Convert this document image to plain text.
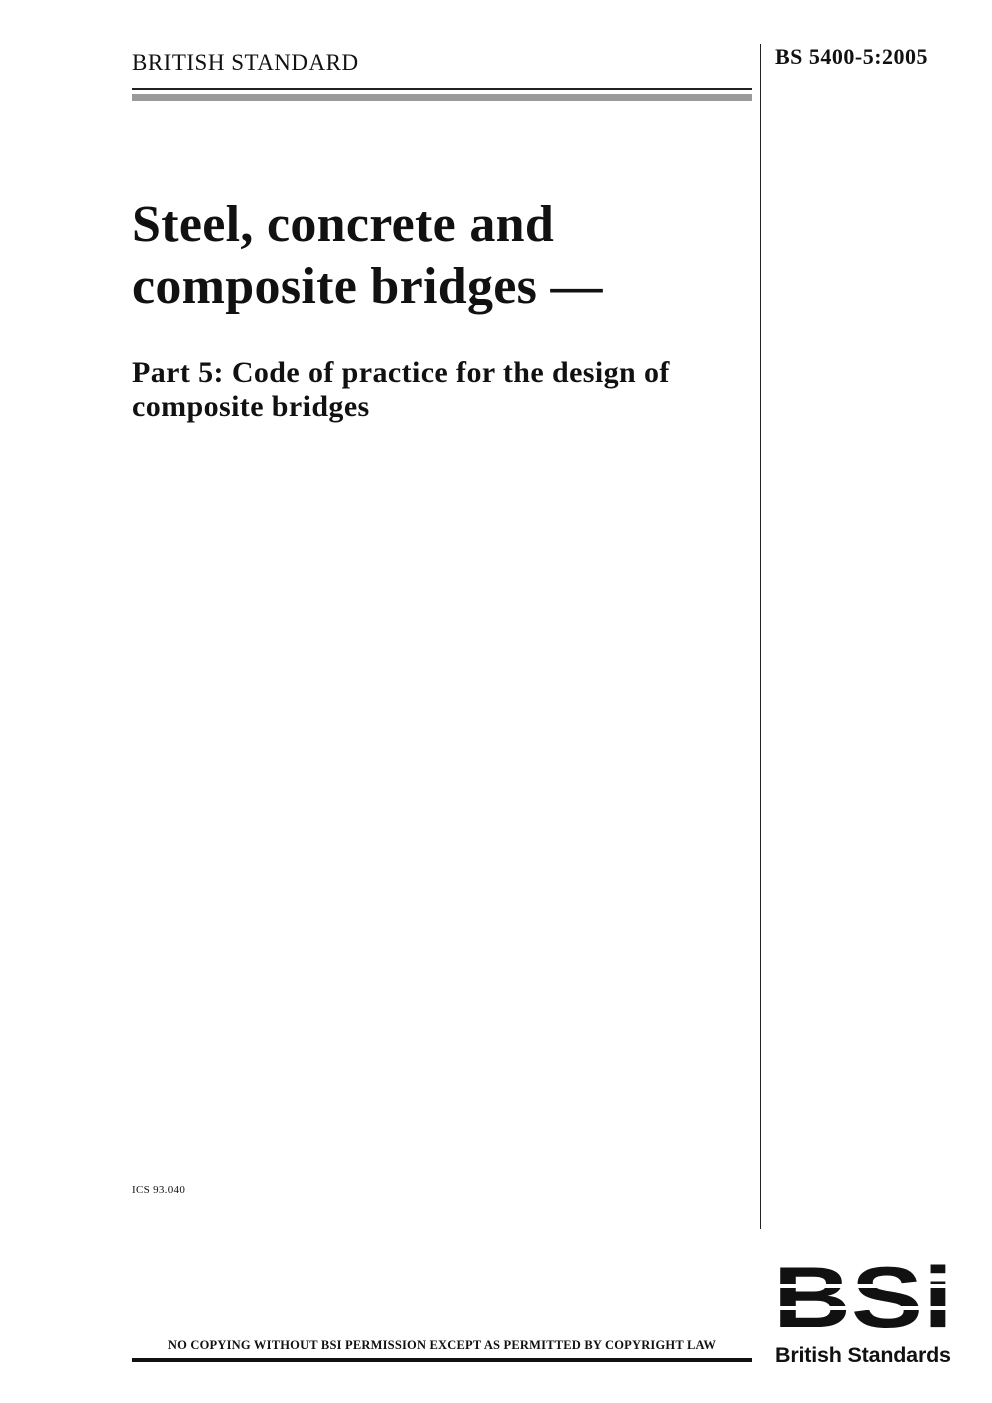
BRITISH STANDARD	BS 5400-5:2005
Steel, concrete and
composite bridges —
Part 5: Code of practice for the design of
composite bridges
ICS 93.040
NO COPYING WITHOUT BSI PERMISSION EXCEPT AS PERMITTED BY COPYRIGHT LAW	British Standards
